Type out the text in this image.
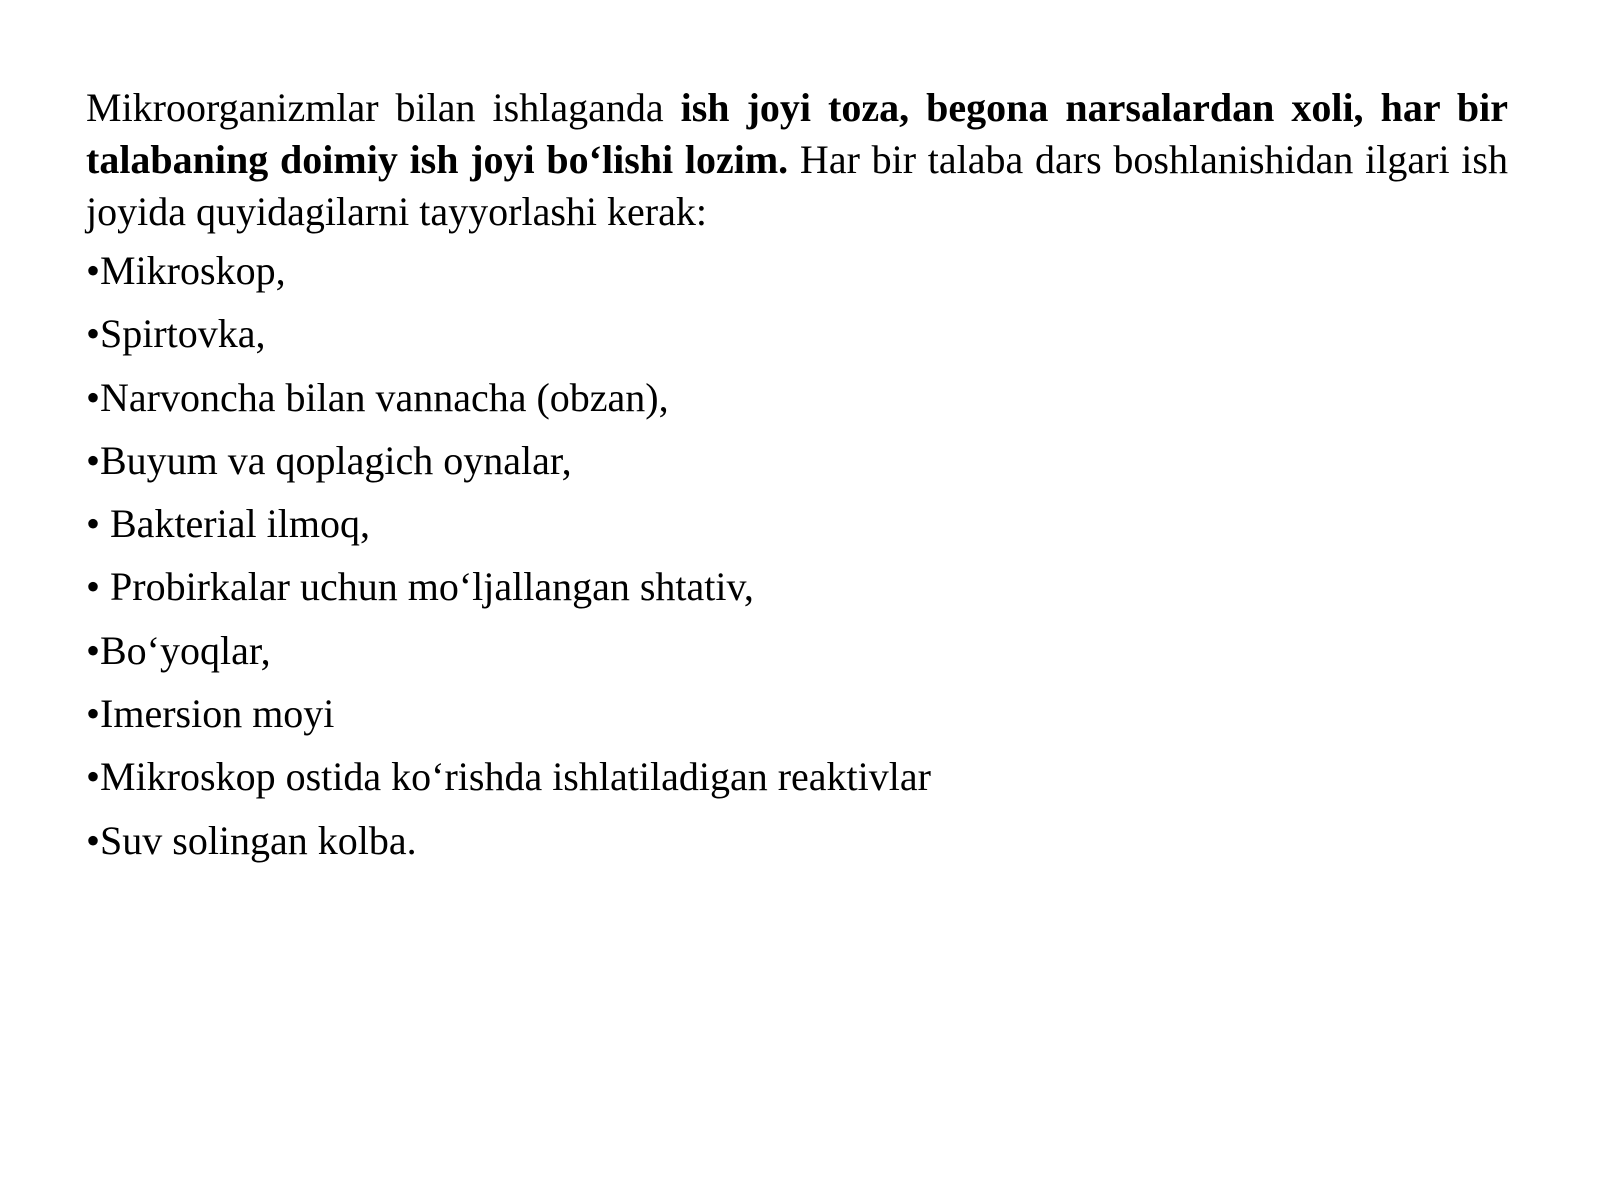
Mikroorganizmlar bilan ishlaganda ish joyi toza, begona narsalardan xoli, har bir talabaning doimiy ish joyi bo‘lishi lozim. Har bir talaba dars boshlanishidan ilgari ish joyida quyidagilarni tayyorlashi kerak:

•Mikroskop,
•Spirtovka,
•Narvoncha bilan vannacha (obzan),
•Buyum va qoplagich oynalar,
• Bakterial ilmoq,
• Probirkalar uchun mo‘ljallangan shtativ,
•Bo‘yoqlar,
•Imersion moyi
•Mikroskop ostida ko‘rishda ishlatiladigan reaktivlar
•Suv solingan kolba.
